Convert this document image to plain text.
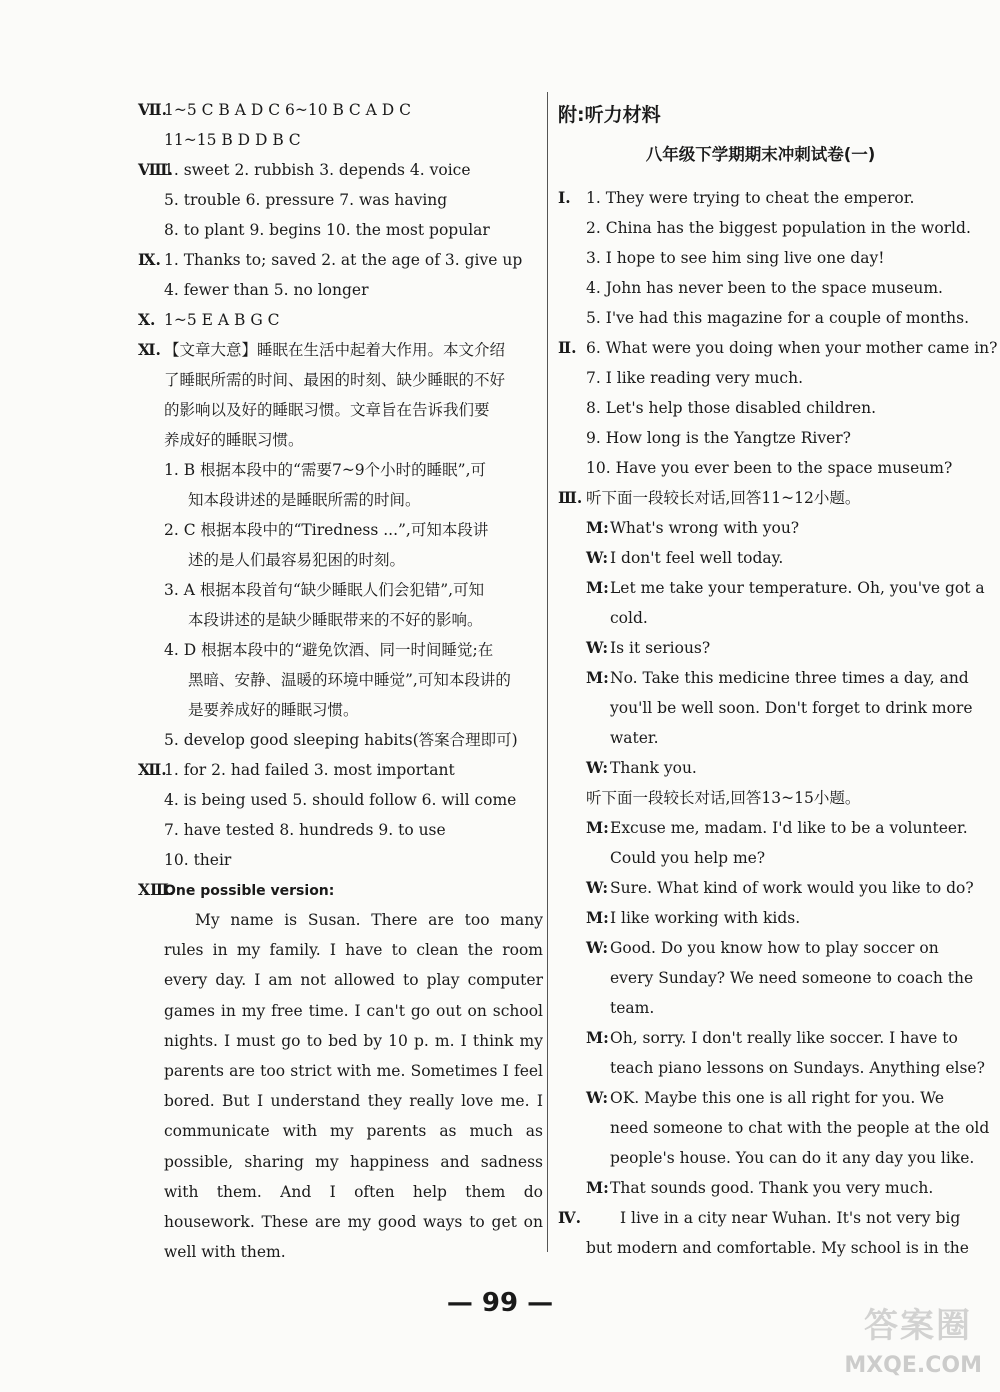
Ⅶ.
1~5 C B A D C 6~10 B C A D C
11~15 B D D B C
Ⅷ.
1. sweet 2. rubbish 3. depends 4. voice
5. trouble 6. pressure 7. was having
8. to plant 9. begins 10. the most popular
Ⅸ. 1. Thanks to; saved 2. at the age of 3. give up
4. fewer than 5. no longer
Ⅹ. 1~5 E A B G C
Ⅺ. 【文章大意】睡眠在生活中起着大作用。本文介绍
了睡眠所需的时间、最困的时刻、缺少睡眠的不好
的影响以及好的睡眠习惯。文章旨在告诉我们要
养成好的睡眠习惯。
1. B 根据本段中的“需要7~9个小时的睡眠”,可
知本段讲述的是睡眠所需的时间。
2. C 根据本段中的“Tiredness ...”,可知本段讲
述的是人们最容易犯困的时刻。
3. A 根据本段首句“缺少睡眠人们会犯错”,可知
本段讲述的是缺少睡眠带来的不好的影响。
4. D 根据本段中的“避免饮酒、同一时间睡觉;在
黑暗、安静、温暖的环境中睡觉”,可知本段讲的
是要养成好的睡眠习惯。
5. develop good sleeping habits(答案合理即可)
Ⅻ.
1. for 2. had failed 3. most important
4. is being used 5. should follow 6. will come
7. have tested 8. hundreds 9. to use
10. their
ⅩⅢ.
One possible version:
My name is Susan. There are too many rules in my family. I have to clean the room every day. I am not allowed to play computer games in my free time. I can't go out on school nights. I must go to bed by 10 p. m. I think my parents are too strict with me. Sometimes I feel bored. But I understand they really love me. I communicate with my parents as much as possible, sharing my happiness and sadness with them. And I often help them do housework. These are my good ways to get on well with them.
附:听力材料
八年级下学期期末冲刺试卷(一)
Ⅰ. 1. They were trying to cheat the emperor.
2. China has the biggest population in the world.
3. I hope to see him sing live one day!
4. John has never been to the space museum.
5. I've had this magazine for a couple of months.
Ⅱ. 6. What were you doing when your mother came in?
7. I like reading very much.
8. Let's help those disabled children.
9. How long is the Yangtze River?
10. Have you ever been to the space museum?
Ⅲ. 听下面一段较长对话,回答11~12小题。
M:What's wrong with you?
W: I don't feel well today.
M:Let me take your temperature. Oh, you've got a
cold.
W: Is it serious?
M:No. Take this medicine three times a day, and
you'll be well soon. Don't forget to drink more
water.
W: Thank you.
听下面一段较长对话,回答13~15小题。
M:Excuse me, madam. I'd like to be a volunteer.
Could you help me?
W: Sure. What kind of work would you like to do?
M:I like working with kids.
W: Good. Do you know how to play soccer on
every Sunday? We need someone to coach the
team.
M:Oh, sorry. I don't really like soccer. I have to
teach piano lessons on Sundays. Anything else?
W: OK. Maybe this one is all right for you. We
need someone to chat with the people at the old
people's house. You can do it any day you like.
M:That sounds good. Thank you very much.
Ⅳ.	I live in a city near Wuhan. It's not very big
but modern and comfortable. My school is in the
— 99 —
答案圈
MXQE.COM
